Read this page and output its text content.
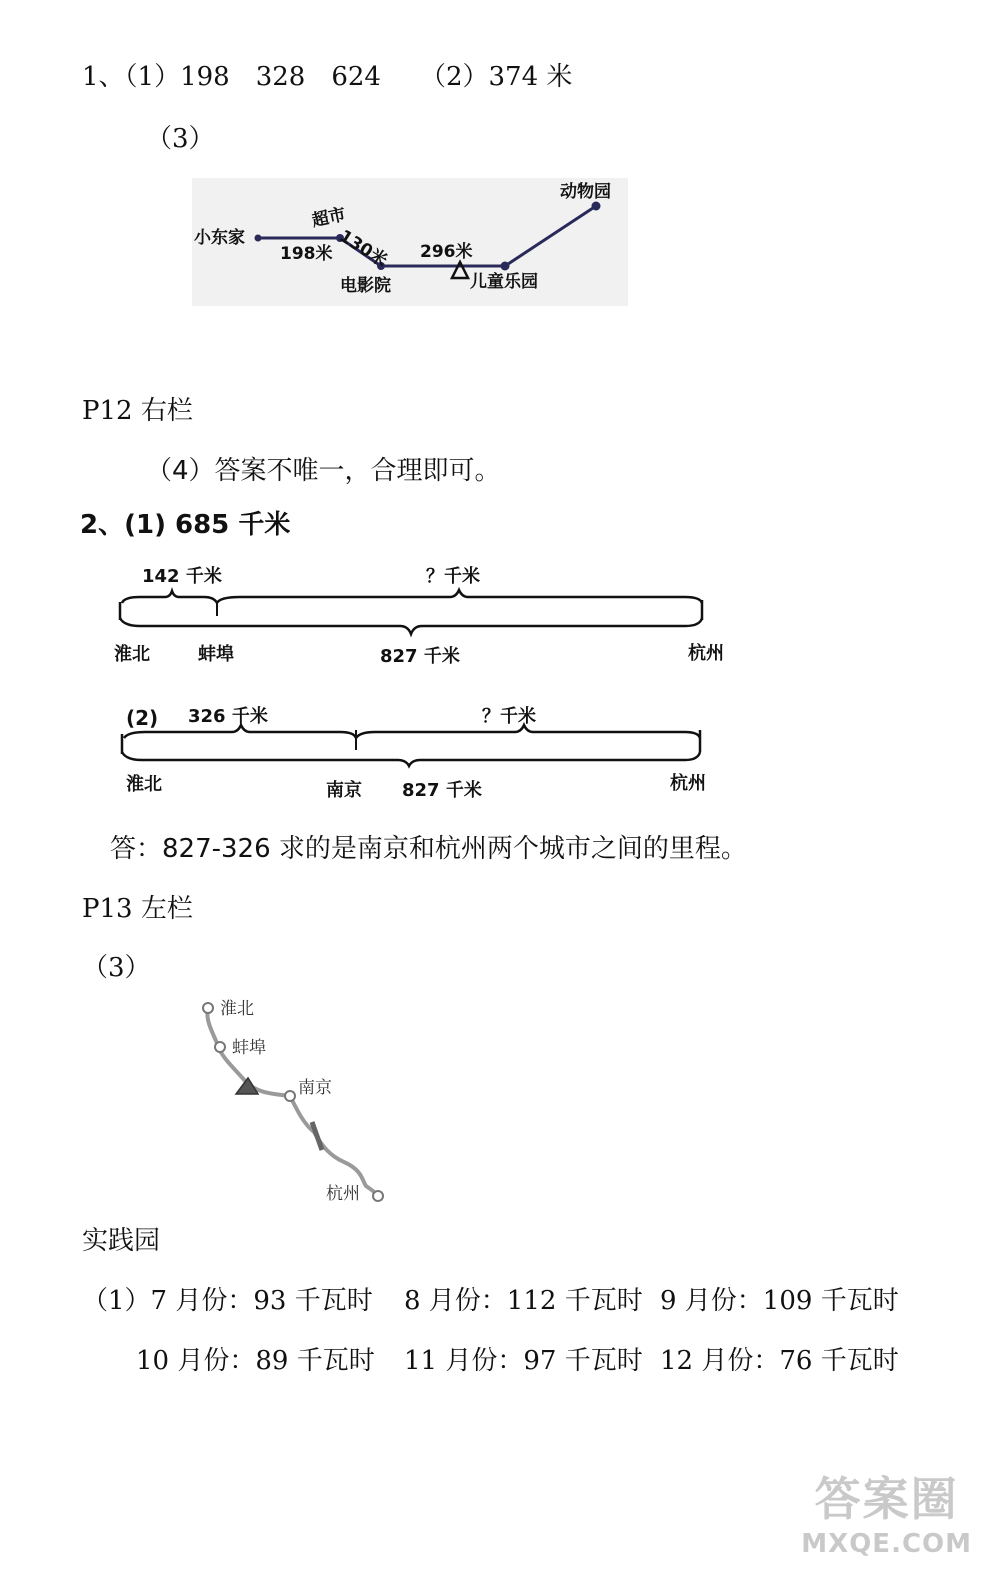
1、（1）198　328　624　　（2）374 米
（3）
小东家
超市
198米 130米 296米
电影院	儿童乐园
动物园
P12 右栏
（4）答案不唯一，合理即可。
2、(1) 685 千米
142 千米	？千米
淮北	蚌埠	827 千米	杭州
(2) 326 千米	？千米
淮北	南京 827 千米	杭州
答：827-326 求的是南京和杭州两个城市之间的里程。
P13 左栏
（3）
淮北
蚌埠
南京
杭州
实践园
（1）7 月份：93 千瓦时 8 月份：112 千瓦时 9 月份：109 千瓦时
10 月份：89 千瓦时 11 月份：97 千瓦时 12 月份：76 千瓦时
答案圈
MXQE.COM
